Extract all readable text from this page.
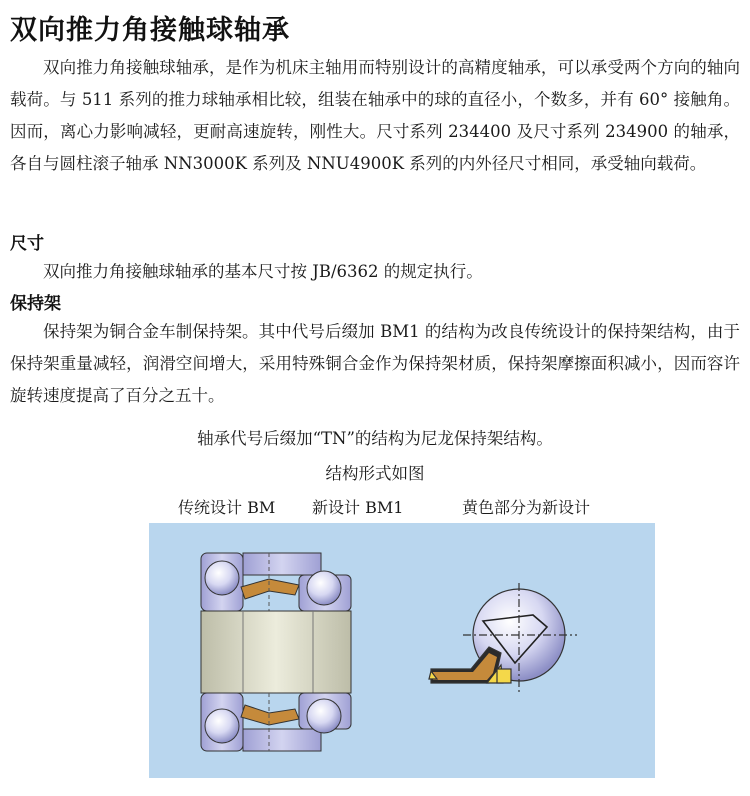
双向推力角接触球轴承

双向推力角接触球轴承，是作为机床主轴用而特别设计的高精度轴承，可以承受两个方向的轴向载荷。与 511 系列的推力球轴承相比较，组装在轴承中的球的直径小，个数多，并有 60° 接触角。因而，离心力影响减轻，更耐高速旋转，刚性大。尺寸系列 234400 及尺寸系列 234900 的轴承，各自与圆柱滚子轴承 NN3000K 系列及 NNU4900K 系列的内外径尺寸相同，承受轴向载荷。

尺寸

双向推力角接触球轴承的基本尺寸按 JB/6362 的规定执行。

保持架

保持架为铜合金车制保持架。其中代号后缀加 BM1 的结构为改良传统设计的保持架结构，由于保持架重量减轻，润滑空间增大，采用特殊铜合金作为保持架材质，保持架摩擦面积减小，因而容许旋转速度提高了百分之五十。

轴承代号后缀加“TN”的结构为尼龙保持架结构。
结构形式如图
传统设计 BM 新设计 BM1	黄色部分为新设计
